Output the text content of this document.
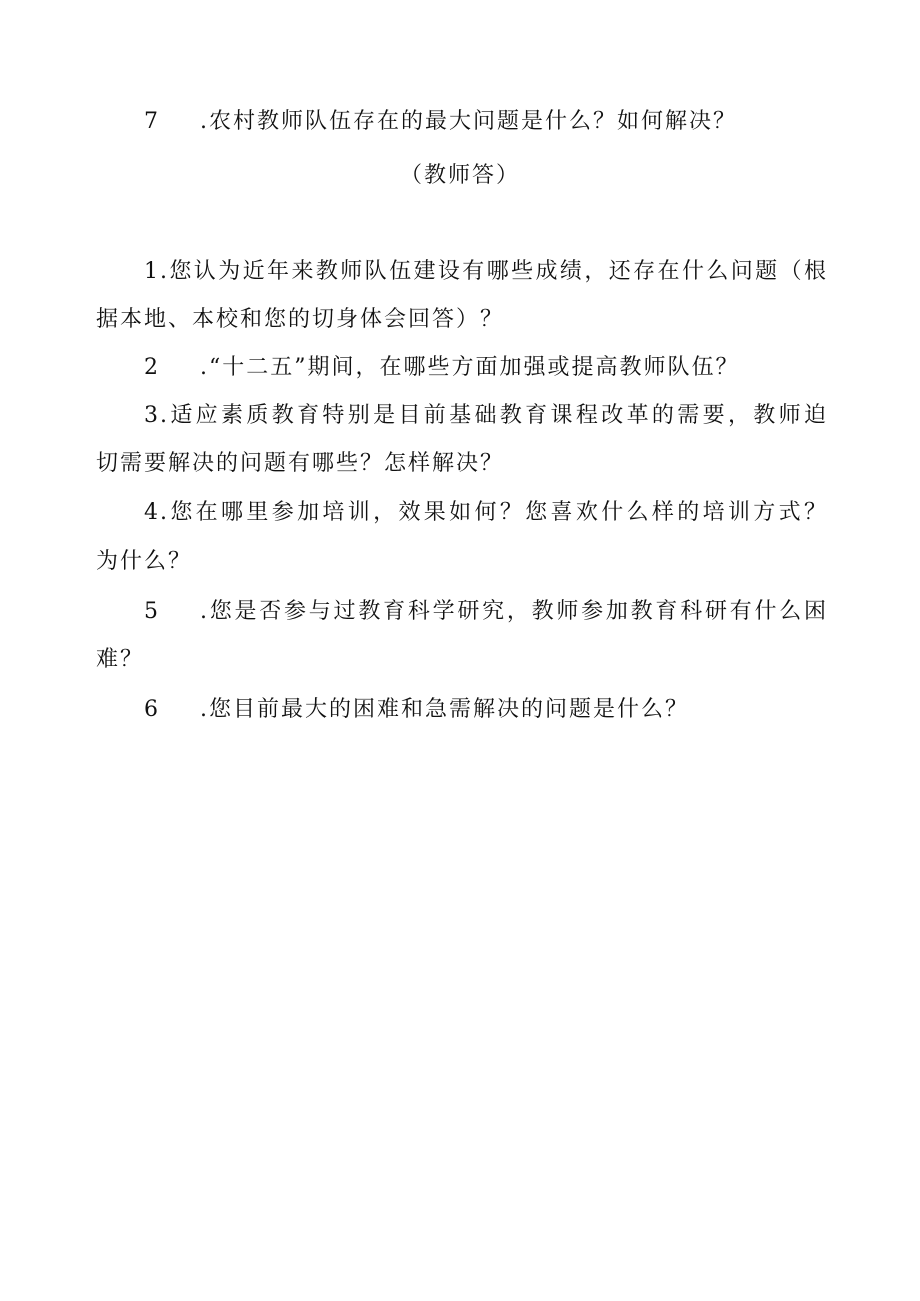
7 .农村教师队伍存在的最大问题是什么？如何解决？
（教师答）
1.您认为近年来教师队伍建设有哪些成绩，还存在什么问题（根
据本地、本校和您的切身体会回答）？
2 .“十二五”期间，在哪些方面加强或提高教师队伍？
3.适应素质教育特别是目前基础教育课程改革的需要，教师迫
切需要解决的问题有哪些？怎样解决？
4.您在哪里参加培训，效果如何？您喜欢什么样的培训方式？
为什么？
5 .您是否参与过教育科学研究，教师参加教育科研有什么困
难？
6 .您目前最大的困难和急需解决的问题是什么？
